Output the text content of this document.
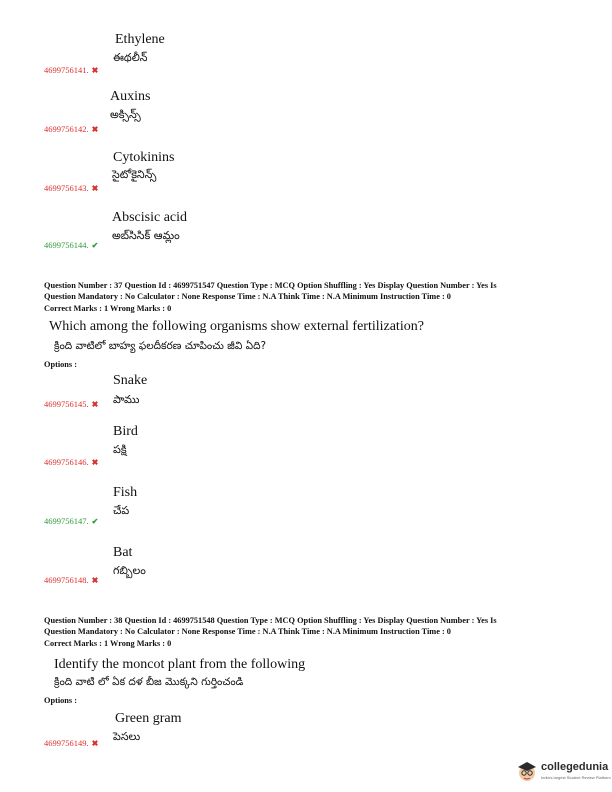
Ethylene
ఈథలీన్
4699756141. ✖
Auxins
అక్సిన్స్
4699756142. ✖
Cytokinins
సైటోకైనిన్స్
4699756143. ✖
Abscisic acid
అబ్‌సిసిక్ ఆమ్లం
4699756144. ✔
Question Number : 37 Question Id : 4699751547 Question Type : MCQ Option Shuffling : Yes Display Question Number : Yes Is
Question Mandatory : No Calculator : None Response Time : N.A Think Time : N.A Minimum Instruction Time : 0
Correct Marks : 1 Wrong Marks : 0
Which among the following organisms show external fertilization?
క్రింది వాటిలో బాహ్య ఫలదీకరణ చూపించు జీవి ఏది?
Options :
Snake
పాము
4699756145. ✖
Bird
పక్షి
4699756146. ✖
Fish
చేప
4699756147. ✔
Bat
గబ్బిలం
4699756148. ✖
Question Number : 38 Question Id : 4699751548 Question Type : MCQ Option Shuffling : Yes Display Question Number : Yes Is
Question Mandatory : No Calculator : None Response Time : N.A Think Time : N.A Minimum Instruction Time : 0
Correct Marks : 1 Wrong Marks : 0
Identify the moncot plant from the following
క్రింది వాటి లో ఏక దళ బీజ మొక్కని గుర్తించండి
Options :
Green gram
పెసలు
4699756149. ✖
collegedunia
India's largest Student Review Platform
